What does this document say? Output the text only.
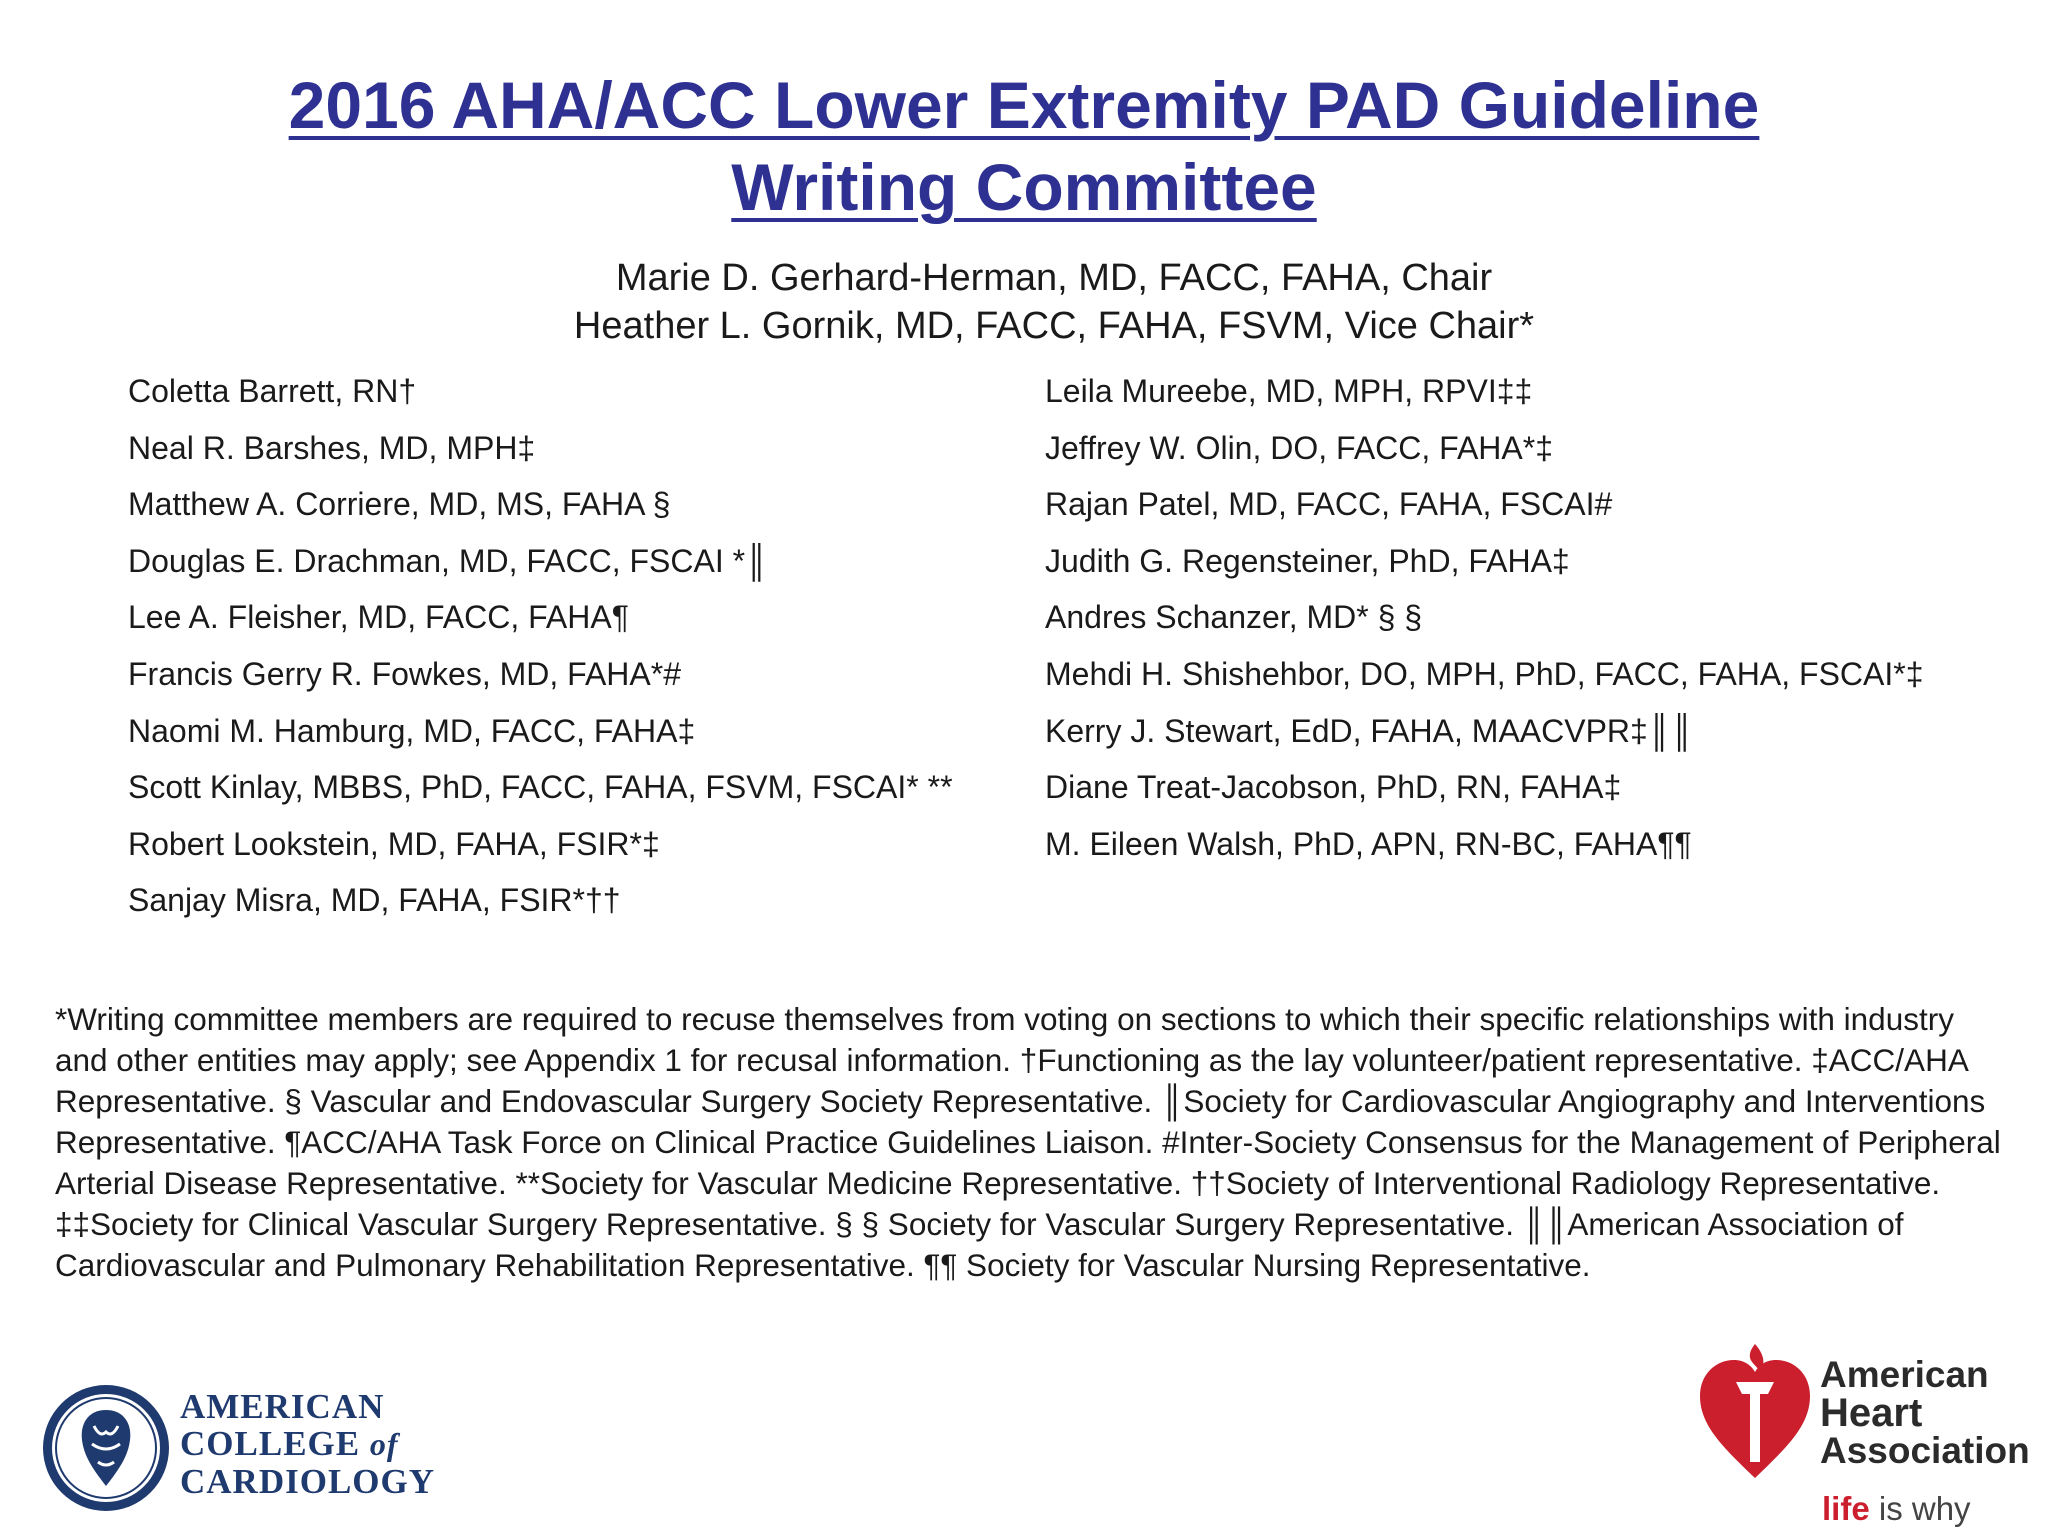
2016 AHA/ACC Lower Extremity PAD Guideline
Writing Committee
Marie D. Gerhard-Herman, MD, FACC, FAHA, Chair
Heather L. Gornik, MD, FACC, FAHA, FSVM, Vice Chair*
Coletta Barrett, RN†
Neal R. Barshes, MD, MPH‡
Matthew A. Corriere, MD, MS, FAHA §
Douglas E. Drachman, MD, FACC, FSCAI *║
Lee A. Fleisher, MD, FACC, FAHA¶
Francis Gerry R. Fowkes, MD, FAHA*#
Naomi M. Hamburg, MD, FACC, FAHA‡
Scott Kinlay, MBBS, PhD, FACC, FAHA, FSVM, FSCAI* **
Robert Lookstein, MD, FAHA, FSIR*‡
Sanjay Misra, MD, FAHA, FSIR*††
Leila Mureebe, MD, MPH, RPVI‡‡
Jeffrey W. Olin, DO, FACC, FAHA*‡
Rajan Patel, MD, FACC, FAHA, FSCAI#
Judith G. Regensteiner, PhD, FAHA‡
Andres Schanzer, MD* § §
Mehdi H. Shishehbor, DO, MPH, PhD, FACC, FAHA, FSCAI*‡
Kerry J. Stewart, EdD, FAHA, MAACVPR‡║║
Diane Treat-Jacobson, PhD, RN, FAHA‡
M. Eileen Walsh, PhD, APN, RN-BC, FAHA¶¶
*Writing committee members are required to recuse themselves from voting on sections to which their specific relationships with industry and other entities may apply; see Appendix 1 for recusal information. †Functioning as the lay volunteer/patient representative. ‡ACC/AHA Representative. § Vascular and Endovascular Surgery Society Representative. ║Society for Cardiovascular Angiography and Interventions Representative. ¶ACC/AHA Task Force on Clinical Practice Guidelines Liaison. #Inter-Society Consensus for the Management of Peripheral Arterial Disease Representative. **Society for Vascular Medicine Representative. ††Society of Interventional Radiology Representative. ‡‡Society for Clinical Vascular Surgery Representative. § § Society for Vascular Surgery Representative. ║║American Association of Cardiovascular and Pulmonary Rehabilitation Representative. ¶¶ Society for Vascular Nursing Representative.
AMERICAN
COLLEGE of
CARDIOLOGY
American
Heart
Association
life is why
